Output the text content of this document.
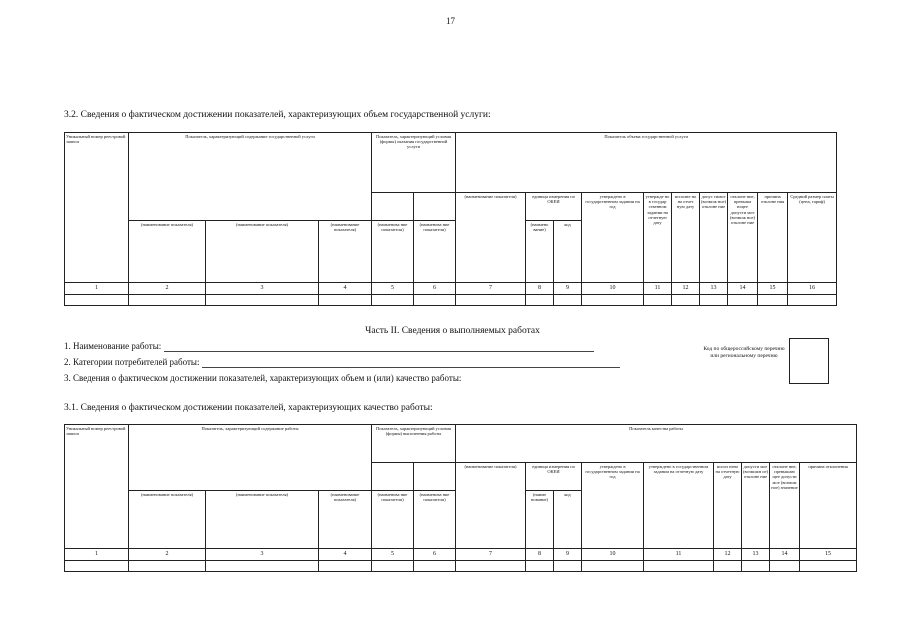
17
3.2. Сведения о фактическом достижении показателей, характеризующих объем государственной услуги:
Уникальный номер реестровой записи	Показатель, характеризующий содержание государственной услуги			Показатель, характеризующий условия (формы) оказания государственной услуги		Показатель объема государственной услуги									
						(наименование показателя)	единица измерения по ОКЕИ		утверждено в государственном задании на год	утвержде но в государ ственном задании на отчетную дату	исполне но на отчет ную дату	допус тимое (возмож ное) отклоне ние	отклоне ние, превыша ющее допусти мое (возмож ное) отклоне ние	причина отклоне ния	Средний размер платы (цена, тариф)
	(наименование показателя)	(наименование показателя)	(наименование показателя)	(наименова ние показателя)	(наименова ние показателя)		(наимено вание)	код							
1	2	3	4	5	6	7	8	9	10	11	12	13	14	15	16

Часть II. Сведения о выполняемых работах
1. Наименование работы:
2. Категории потребителей работы:
3. Сведения о фактическом достижении показателей, характеризующих объем и (или) качество работы:
Код по общероссийскому перечню или региональному перечню
3.1. Сведения о фактическом достижении показателей, характеризующих качество работы:
Уникальный номер реестровой записи	Показатель, характеризующий содержание работы			Показатель, характеризующий условия (формы) выполнения работы		Показатель качества работы								
						(наименование показателя)	единица измерения по ОКЕИ		утверждено в государственном задании на год	утверждено в государственном задании на отчетную дату	испол нено на отчетную дату	допусти мое (возможн ое) отклоне ние	отклоне ние, превышаю щее допусти мое (возмож ное) значение	причина отклонения
	(наименование показателя)	(наименование показателя)	(наименование показателя)	(наименова ние показателя)	(наименова ние показателя)		(наиме нование)	код						
1	2	3	4	5	6	7	8	9	10	11	12	13	14	15
